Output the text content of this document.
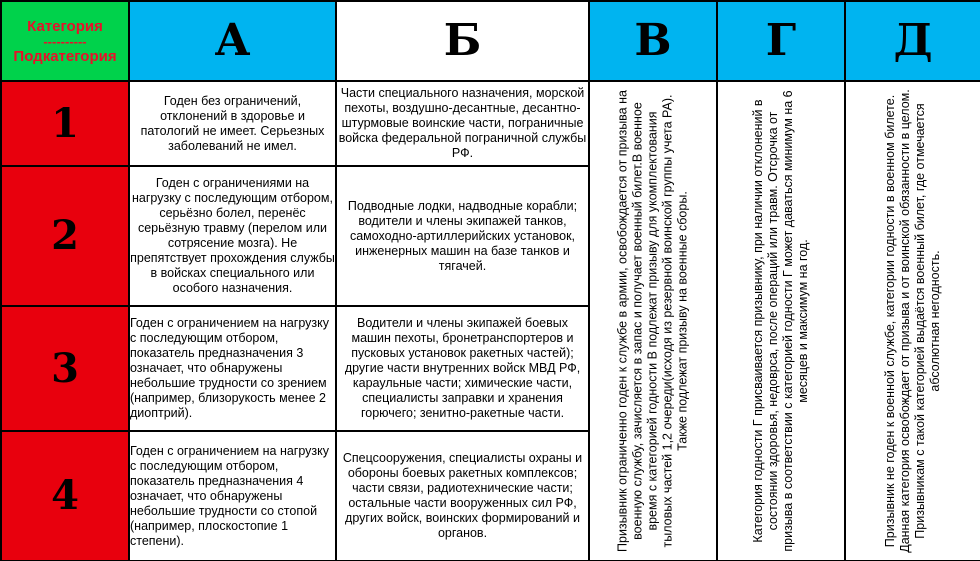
Категория
----------
Подкатегория	А	Б	В	Г	Д
1	Годен без ограничений, отклонений в здоровье и патологий не имеет. Серьезных заболеваний не имел.	Части специального назначения, морской пехоты, воздушно-десантные, десантно-штурмовые воинские части, пограничные войска федеральной пограничной службы РФ.	Призывник ограниченно годен к службе в армии, освобождается от призыва на военную службу, зачисляется в запас и получает военный билет.В военное время с категорией годности В подлежат призыву для укомплектования тыловых частей 1,2 очереди(исходя из резервной воинской группы учета РА). Также подлежат призыву на военные сборы.	Категория годности Г присваивается призывнику, при наличии отклонений в состоянии здоровья, недоврса, после операций или травм. Отсрочка от призыва в соответствии с категорией годности Г может даваться минимум на 6 месяцев и максимум на год.	Призывник не годен к военной службе, категории годности в военном билете. Данная категория освобождает от призыва и от воинской обязанности в целом. Призывникам с такой категорией выдаётся военный билет, где отмечается абсолютная негодность.

2	Годен с ограничениями на нагрузку с последующим отбором, серьёзно болел, перенёс серьёзную травму (перелом или сотрясение мозга). Не препятствует прохождения службы в войсках специального или особого назначения.	Подводные лодки, надводные корабли; водители и члены экипажей танков, самоходно-артиллерийских установок, инженерных машин на базе танков и тягачей.			
3	Годен с ограничением на нагрузку с последующим отбором, показатель предназначения 3 означает, что обнаружены небольшие трудности со зрением (например, близорукость менее 2 диоптрий).	Водители и члены экипажей боевых машин пехоты, бронетранспортеров и пусковых установок ракетных частей); другие части внутренних войск МВД РФ, караульные части; химические части, специалисты заправки и хранения горючего; зенитно-ракетные части.			
4	Годен с ограничением на нагрузку с последующим отбором, показатель предназначения 4 означает, что обнаружены небольшие трудности со стопой (например, плоскостопие 1 степени).	Спецсооружения, специалисты охраны и обороны боевых ракетных комплексов; части связи, радиотехнические части; остальные части вооруженных сил РФ, других войск, воинских формирований и органов.			
